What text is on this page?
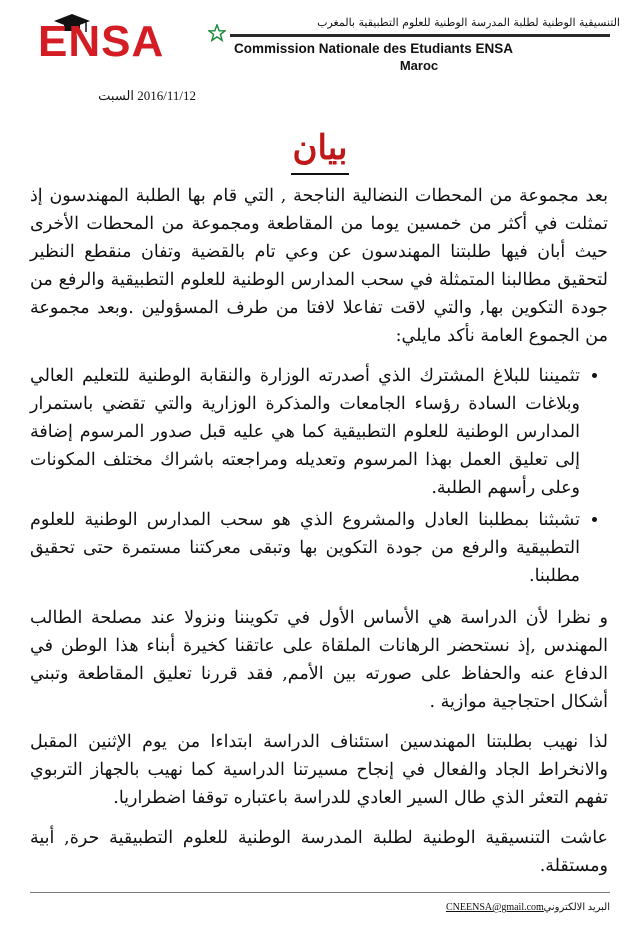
ENSA	التنسيقية الوطنية لطلبة المدرسة الوطنية للعلوم التطبيقية بالمغرب
Commission Nationale des Etudiants ENSA
Maroc
2016/11/12 السبت
بيان

بعد مجموعة من المحطات النضالية الناجحة , التي قام بها الطلبة المهندسون إذ تمثلت في أكثر من خمسين يوما من المقاطعة ومجموعة من المحطات الأخرى حيث أبان فيها طلبتنا المهندسون عن وعي تام بالقضية وتفان منقطع النظير لتحقيق مطالبنا المتمثلة في سحب المدارس الوطنية للعلوم التطبيقية والرفع من جودة التكوين بها, والتي لاقت تفاعلا لافتا من طرف المسؤولين .وبعد مجموعة من الجموع العامة نأكد مايلي:

• تثميننا للبلاغ المشترك الذي أصدرته الوزارة والنقابة الوطنية للتعليم العالي وبلاغات السادة رؤساء الجامعات والمذكرة الوزارية والتي تقضي باستمرار المدارس الوطنية للعلوم التطبيقية كما هي عليه قبل صدور المرسوم إضافة إلى تعليق العمل بهذا المرسوم وتعديله ومراجعته باشراك مختلف المكونات وعلى رأسهم الطلبة.
• تشبثنا بمطلبنا العادل والمشروع الذي هو سحب المدارس الوطنية للعلوم التطبيقية والرفع من جودة التكوين بها وتبقى معركتنا مستمرة حتى تحقيق مطلبنا.

و نظرا لأن الدراسة هي الأساس الأول في تكويننا ونزولا عند مصلحة الطالب المهندس ,إذ نستحضر الرهانات الملقاة على عاتقنا كخيرة أبناء هذا الوطن في الدفاع عنه والحفاظ على صورته بين الأمم, فقد قررنا تعليق المقاطعة وتبني أشكال احتجاجية موازية .

لذا نهيب بطلبتنا المهندسين استئناف الدراسة ابتداءا من يوم الإثنين المقبل والانخراط الجاد والفعال في إنجاح مسيرتنا الدراسية كما نهيب بالجهاز التربوي تفهم التعثر الذي طال السير العادي للدراسة باعتباره توقفا اضطراريا.

عاشت التنسيقية الوطنية لطلبة المدرسة الوطنية للعلوم التطبيقية حرة, أبية ومستقلة.

البريد الالكتروني :
CNEENSA@gmail.com
